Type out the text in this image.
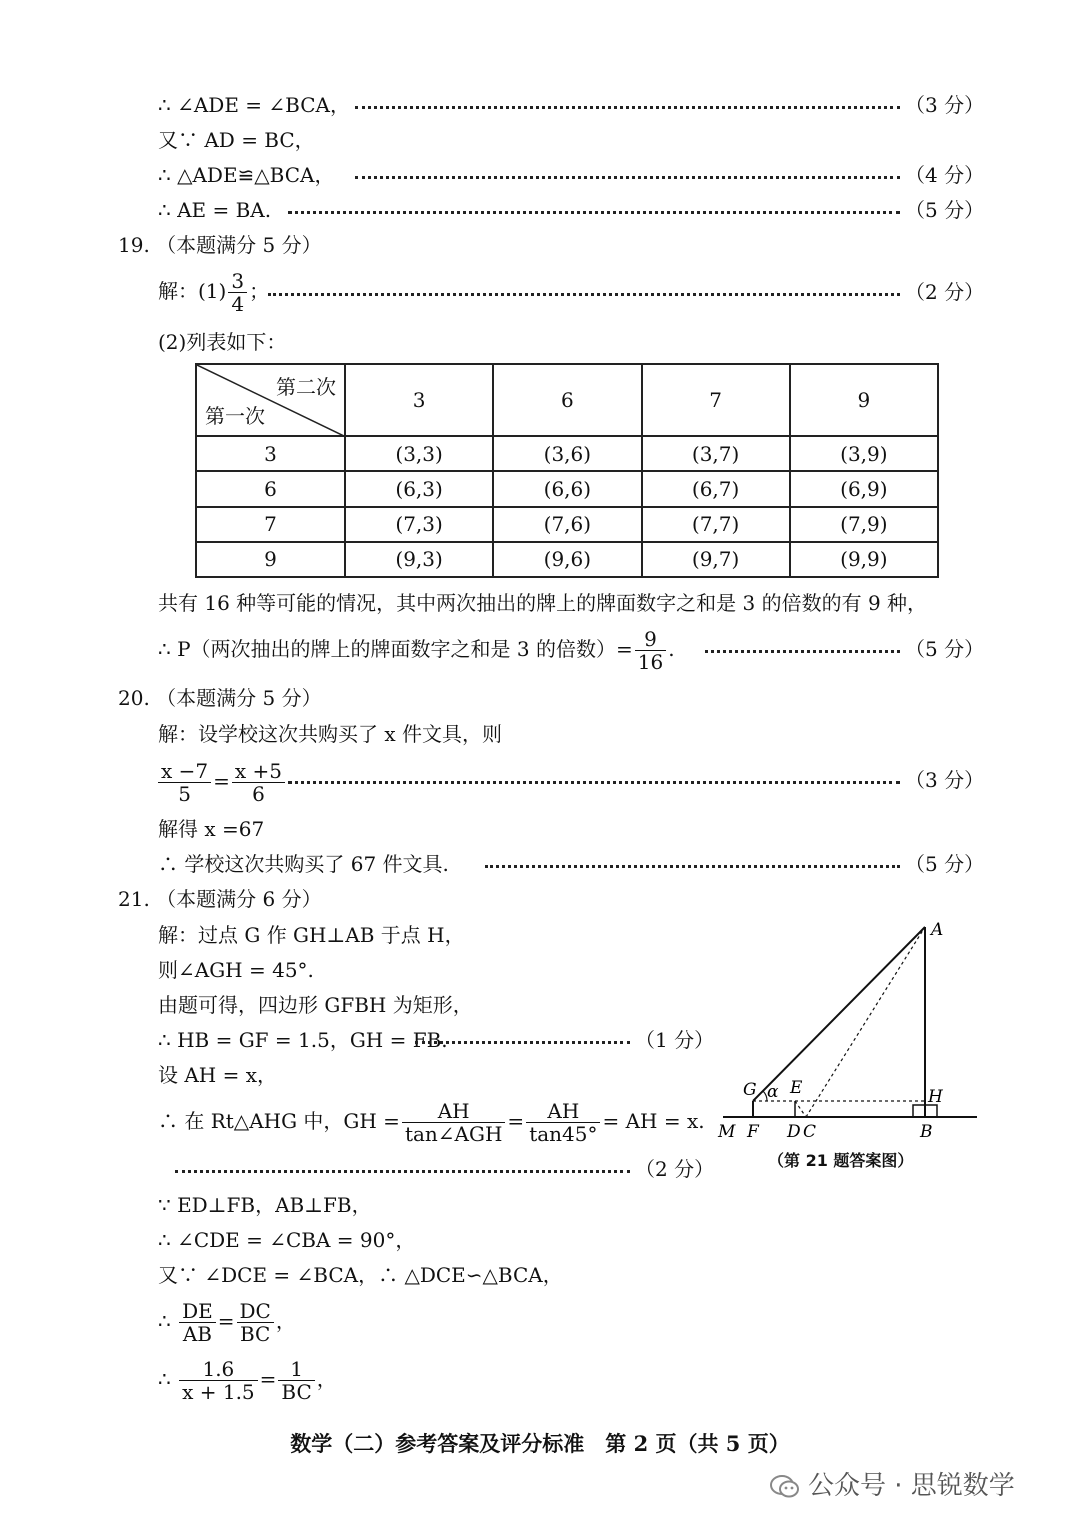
∴ ∠ADE = ∠BCA，	（3 分）
又∵ AD = BC，
∴ △ADE≌△BCA，	（4 分）
∴ AE = BA.	（5 分）
19. （本题满分 5 分）
解：$(1) \frac{3}{4}$ ；	（2 分）
(2)列表如下：
第二次
第一次	3	6	7	9
3	(3,3)	(3,6)	(3,7)	(3,9)
6	(6,3)	(6,6)	(6,7)	(6,9)
7	(7,3)	(7,6)	(7,7)	(7,9)
9	(9,3)	(9,6)	(9,7)	(9,9)
共有 16 种等可能的情况，其中两次抽出的牌上的牌面数字之和是 3 的倍数的有 9 种，
∴ P（两次抽出的牌上的牌面数字之和是 3 的倍数）= $\frac{9}{16}$ .	（5 分）
20. （本题满分 5 分）
解：设学校这次共购买了 x 件文具，则
$\frac{x -7}{5} = \frac{x +5}{6}$	（3 分）
解得 x =67
∴ 学校这次共购买了 67 件文具.	（5 分）
21. （本题满分 6 分）
解：过点 G 作 GH⊥AB 于点 H，
则∠AGH = 45°.
由题可得，四边形 GFBH 为矩形，
∴ HB = GF = 1.5，GH = FB.	（1 分）
设 AH = x，
∴ 在 Rt△AHG 中，GH = $\frac{AH}{\text{tan∠AGH}} = \frac{AH}{\tan 45^\circ}$ = AH = x.
（2 分）
∵ ED⊥FB，AB⊥FB，
∴ ∠CDE = ∠CBA = 90°，
又∵ ∠DCE = ∠BCA，∴ △DCE∽△BCA，
∴ $\frac{DE}{AB} = \frac{DC}{BC}$ ，
∴ $\frac{1.6}{x + 1.5} = \frac{1}{BC}$ ，
A
G α E	H
M F D C	B
（第 21 题答案图）
数学（二）参考答案及评分标准　第 2 页（共 5 页）
公众号 · 思锐数学
